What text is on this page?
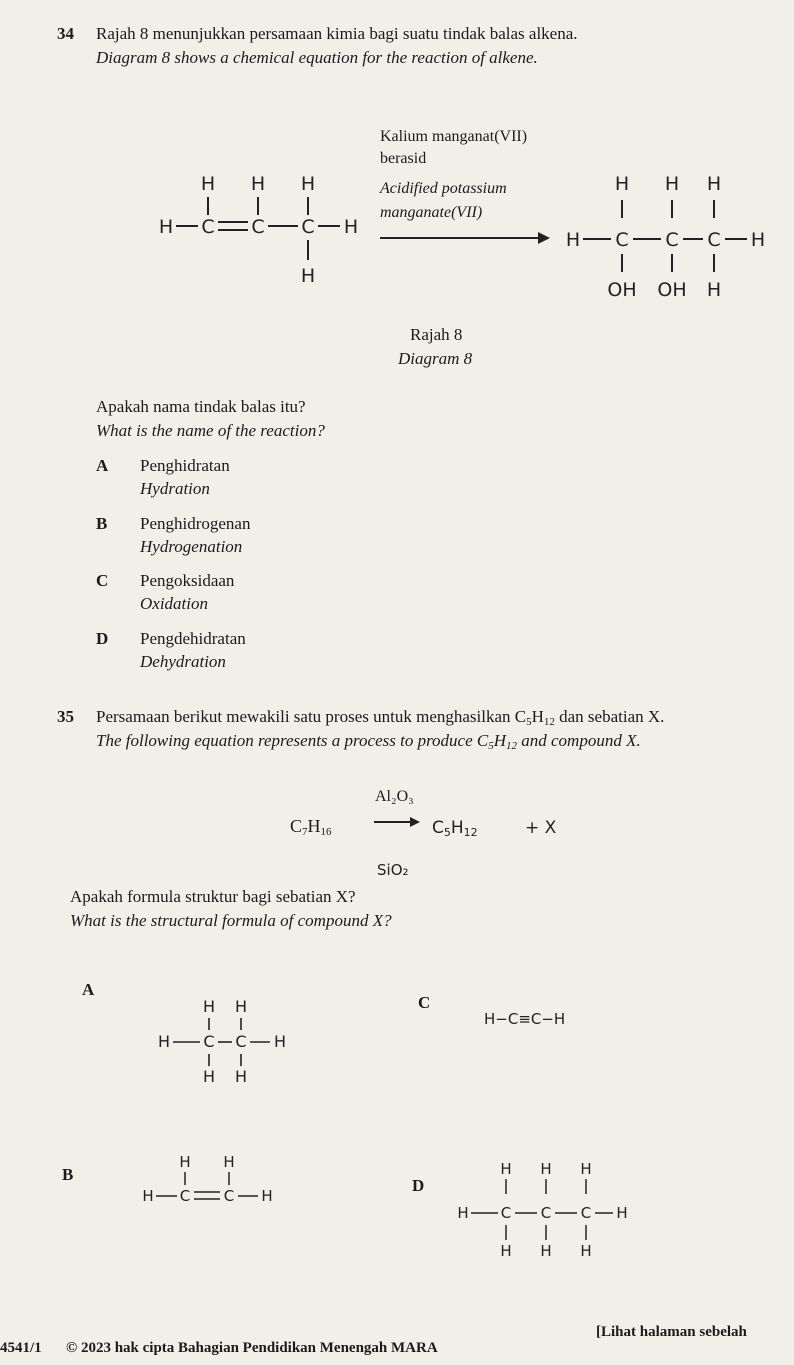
34 Rajah 8 menunjukkan persamaan kimia bagi suatu tindak balas alkena.
Diagram 8 shows a chemical equation for the reaction of alkene.
H H H
H C C C H
H
Kalium manganat(VII)
berasid
Acidified potassium
manganate(VII)
H H H
H C C C H
OH OH H
Rajah 8
Diagram 8
Apakah nama tindak balas itu?
What is the name of the reaction?
A Penghidratan
Hydration
B Penghidrogenan
Hydrogenation
C Pengoksidaan
Oxidation
D Pengdehidratan
Dehydration
35 Persamaan berikut mewakili satu proses untuk menghasilkan $C_5H_{12}$ dan sebatian X.
The following equation represents a process to produce $C_5H_{12}$ and compound X.
$C_7H_{16}$
Al₂O₃
$C_5H_{12}$	+ X
SiO₂
Apakah formula struktur bagi sebatian X?
What is the structural formula of compound X?
A
H H
H C C H
H H
C
H−C≡C−H
B
H H
H C C H
D
H H H
H C C C H
H H H
4541/1 © 2023 hak cipta Bahagian Pendidikan Menengah MARA
[Lihat halaman sebelah
